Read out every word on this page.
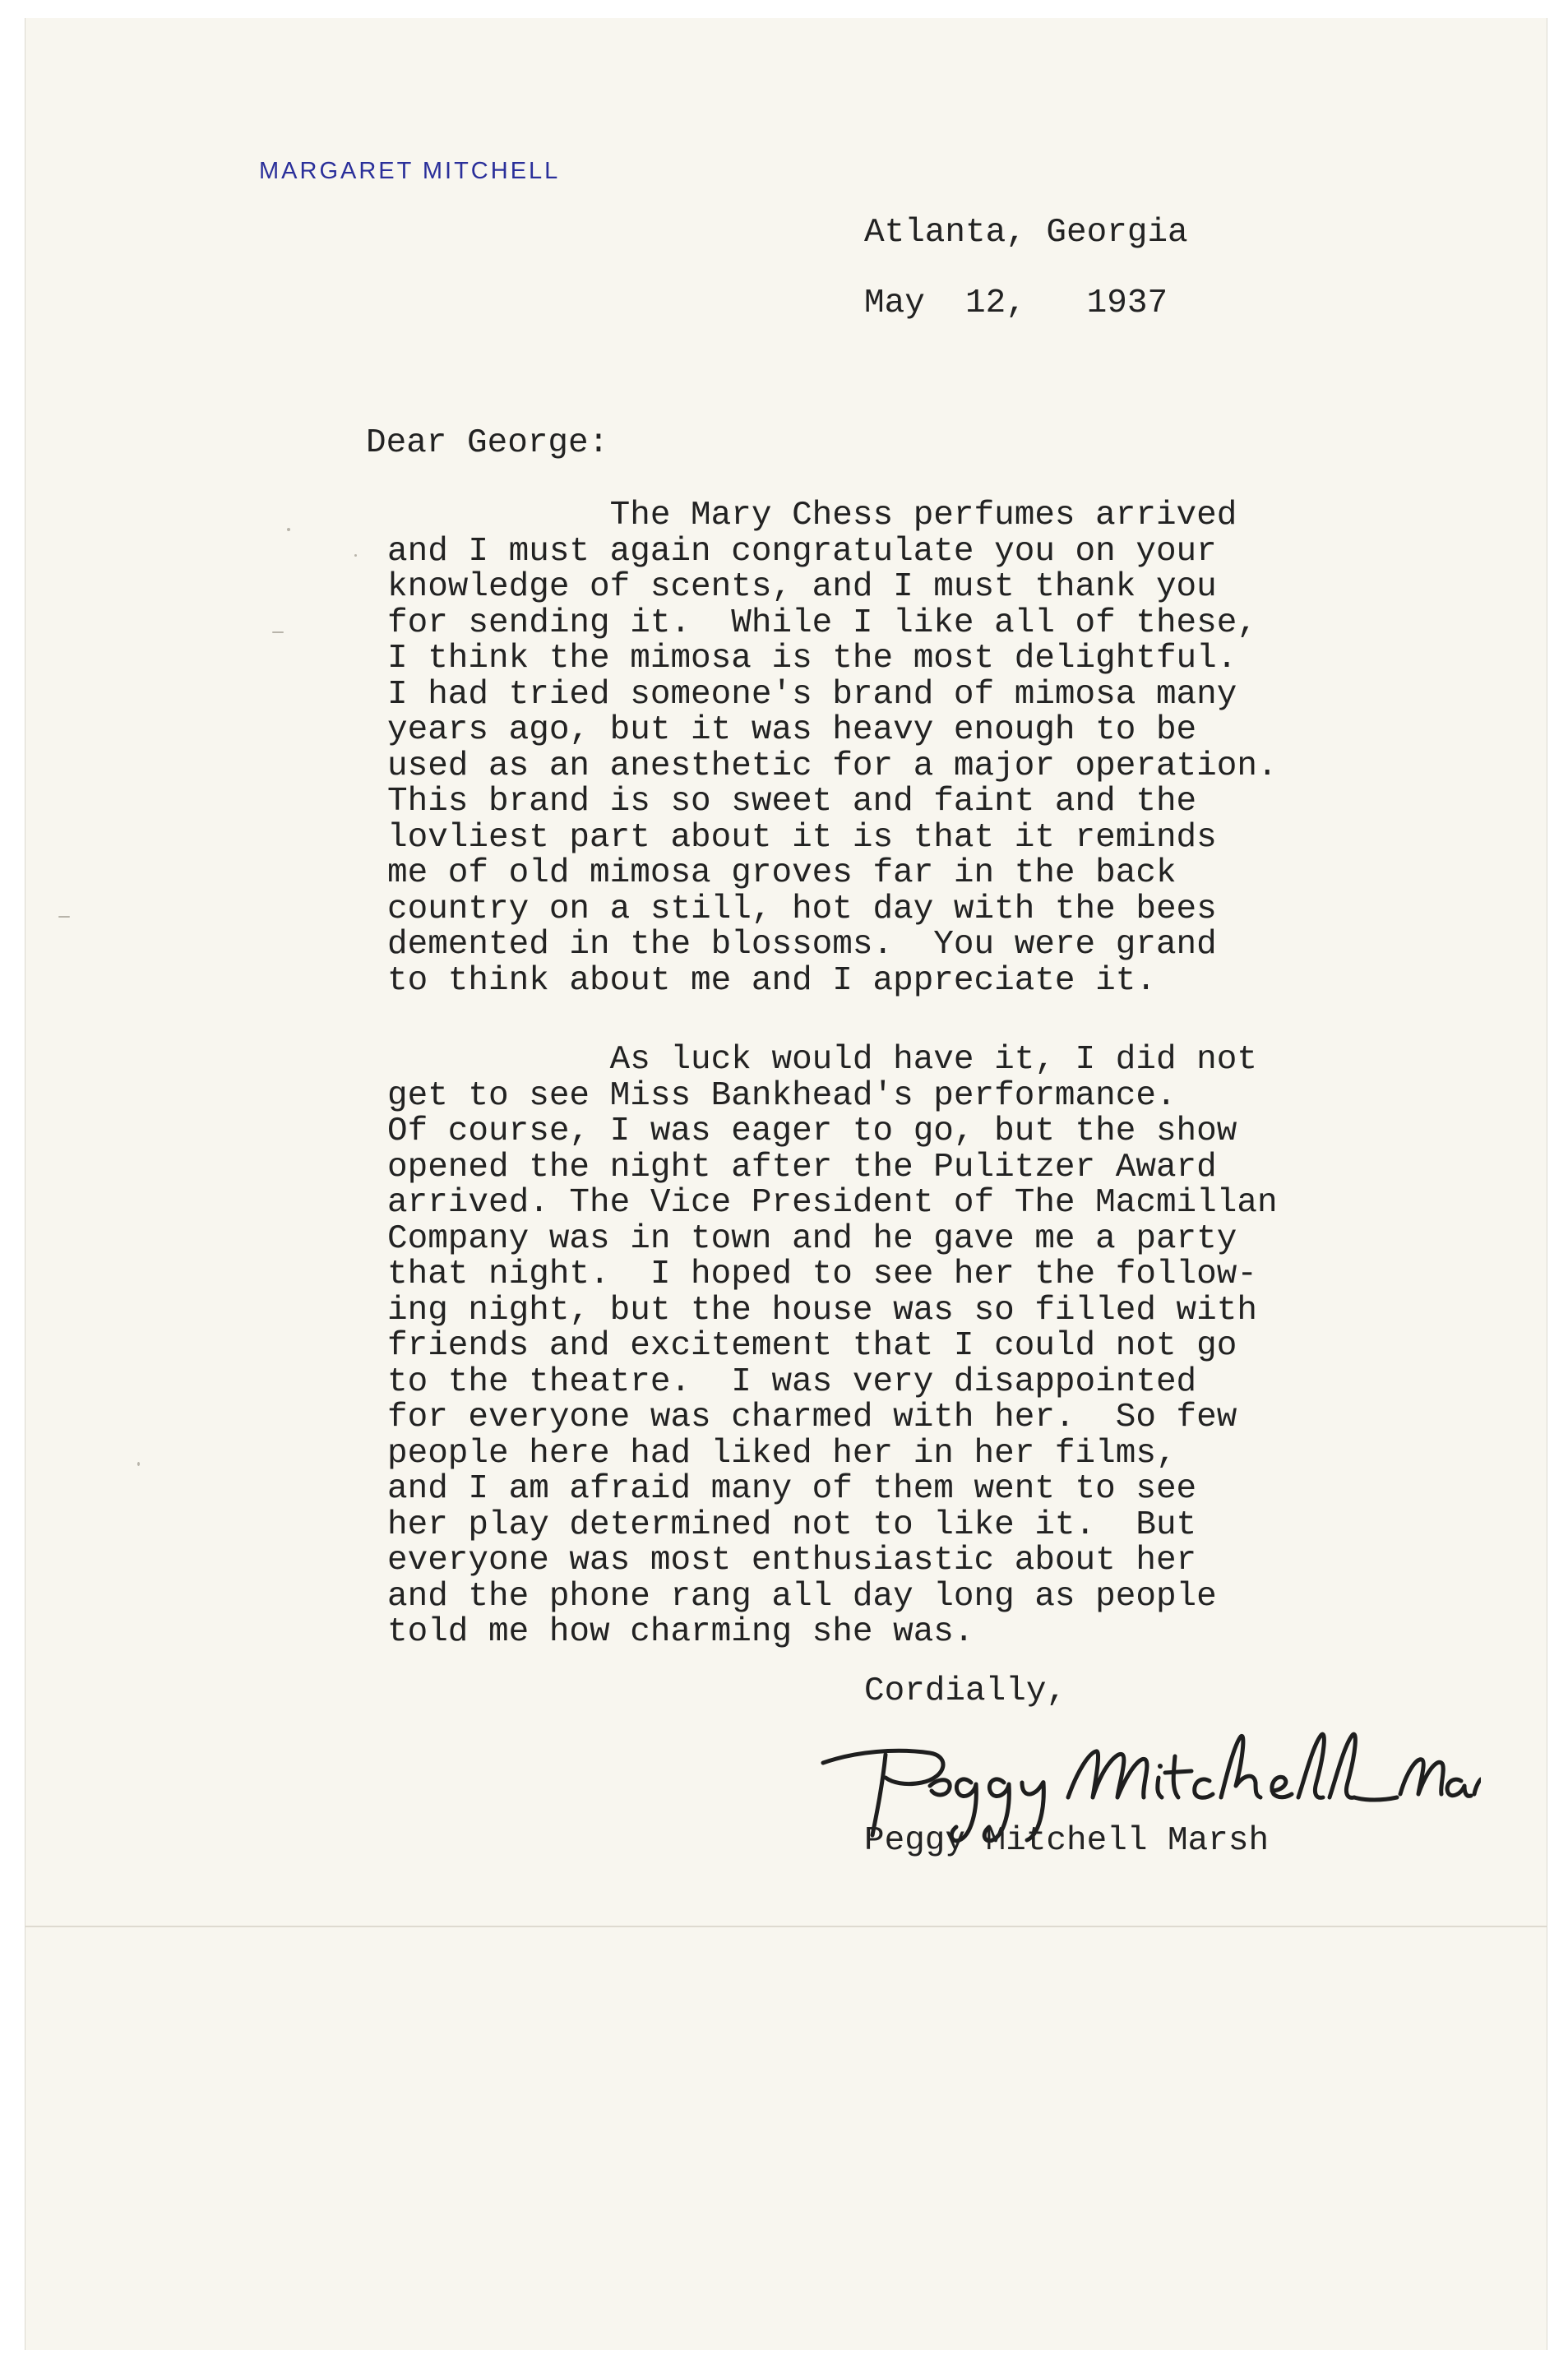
MARGARET MITCHELL
Atlanta, Georgia
May  12,   1937
Dear George:
The Mary Chess perfumes arrived
and I must again congratulate you on your
knowledge of scents, and I must thank you
for sending it.  While I like all of these,
I think the mimosa is the most delightful.
I had tried someone's brand of mimosa many
years ago, but it was heavy enough to be
used as an anesthetic for a major operation.
This brand is so sweet and faint and the
lovliest part about it is that it reminds
me of old mimosa groves far in the back
country on a still, hot day with the bees
demented in the blossoms.  You were grand
to think about me and I appreciate it.
As luck would have it, I did not
get to see Miss Bankhead's performance.
Of course, I was eager to go, but the show
opened the night after the Pulitzer Award
arrived. The Vice President of The Macmillan
Company was in town and he gave me a party
that night.  I hoped to see her the follow-
ing night, but the house was so filled with
friends and excitement that I could not go
to the theatre.  I was very disappointed
for everyone was charmed with her.  So few
people here had liked her in her films,
and I am afraid many of them went to see
her play determined not to like it.  But
everyone was most enthusiastic about her
and the phone rang all day long as people
told me how charming she was.
Cordially,
Peggy Mitchell Marsh
